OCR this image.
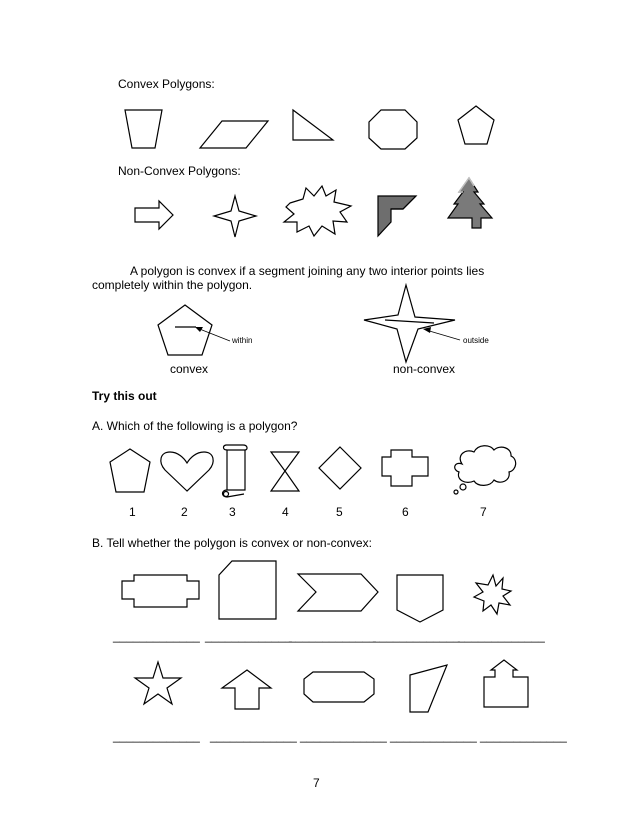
Convex Polygons:
Non-Convex Polygons:
A polygon is convex if a segment joining any two interior points lies
completely within the polygon.
within	outside
convex	non-convex
Try this out
A. Which of the following is a polygon?
1	2	3	4	5	6	7
B. Tell whether the polygon is convex or non-convex:
_____________ _____________
_____________
_____________
_____________
_____________ _____________ _____________ _____________ _____________
7
